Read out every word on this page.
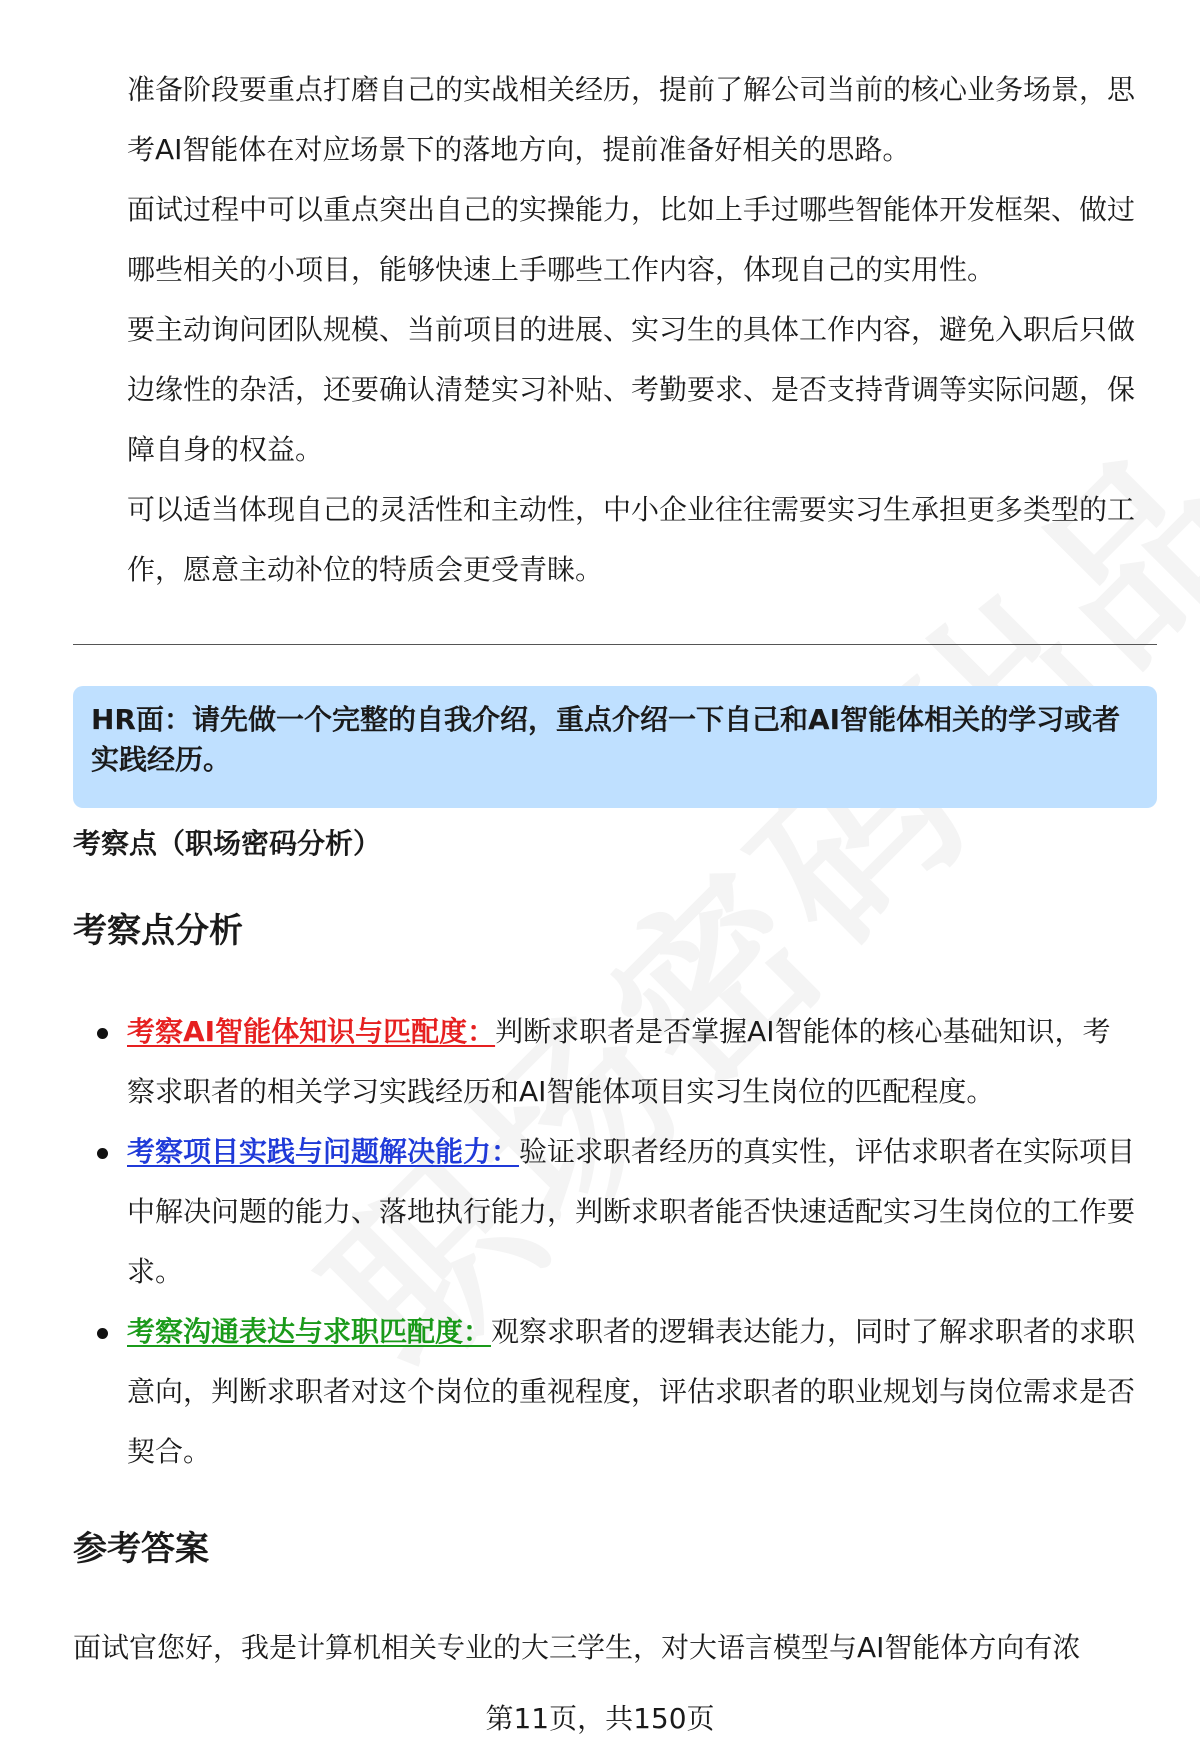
准备阶段要重点打磨自己的实战相关经历，提前了解公司当前的核心业务场景，思考AI智能体在对应场景下的落地方向，提前准备好相关的思路。

面试过程中可以重点突出自己的实操能力，比如上手过哪些智能体开发框架、做过哪些相关的小项目，能够快速上手哪些工作内容，体现自己的实用性。

要主动询问团队规模、当前项目的进展、实习生的具体工作内容，避免入职后只做边缘性的杂活，还要确认清楚实习补贴、考勤要求、是否支持背调等实际问题，保障自身的权益。

可以适当体现自己的灵活性和主动性，中小企业往往需要实习生承担更多类型的工作，愿意主动补位的特质会更受青睐。

HR面：请先做一个完整的自我介绍，重点介绍一下自己和AI智能体相关的学习或者实践经历。
考察点（职场密码分析）
考察点分析

考察AI智能体知识与匹配度：判断求职者是否掌握AI智能体的核心基础知识，考察求职者的相关学习实践经历和AI智能体项目实习生岗位的匹配程度。

考察项目实践与问题解决能力：验证求职者经历的真实性，评估求职者在实际项目中解决问题的能力、落地执行能力，判断求职者能否快速适配实习生岗位的工作要求。

考察沟通表达与求职匹配度：观察求职者的逻辑表达能力，同时了解求职者的求职意向，判断求职者对这个岗位的重视程度，评估求职者的职业规划与岗位需求是否契合。

参考答案

面试官您好，我是计算机相关专业的大三学生，对大语言模型与AI智能体方向有浓

第11页，共150页
